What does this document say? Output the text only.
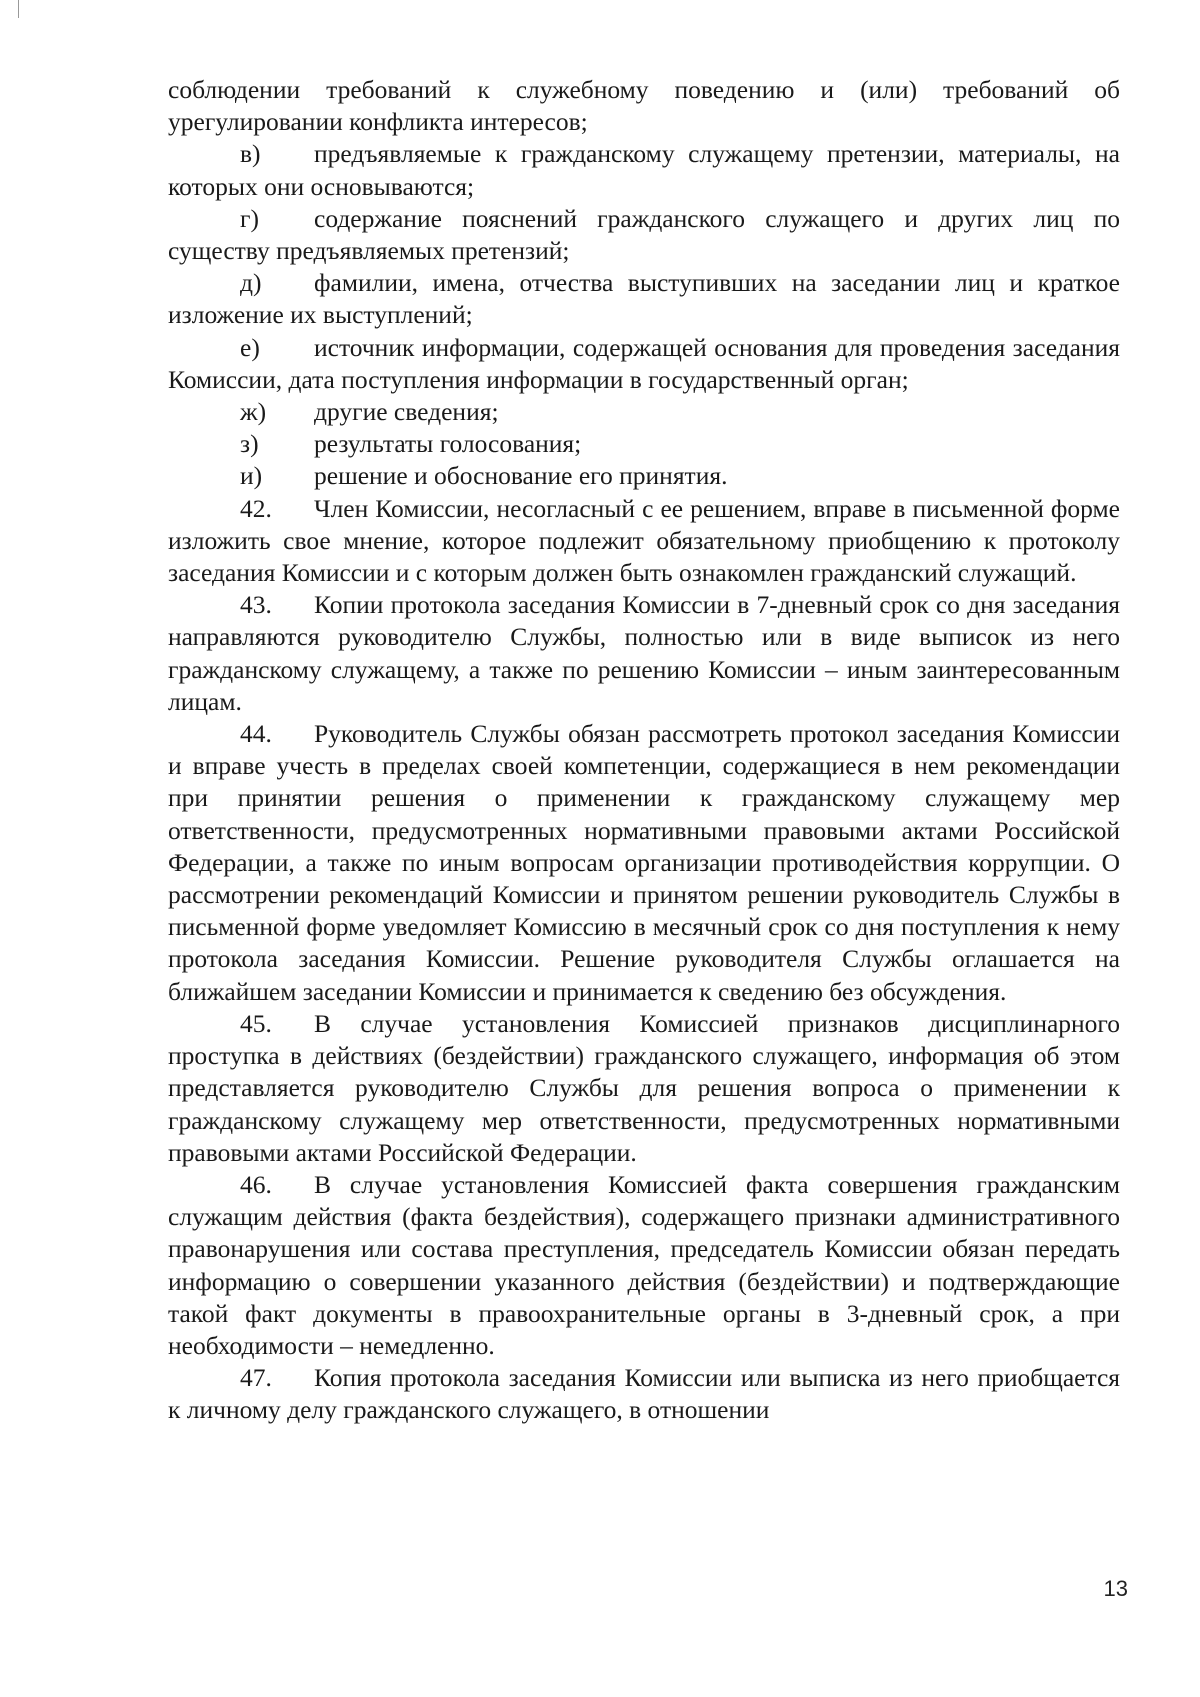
соблюдении требований к служебному поведению и (или) требований об урегулировании конфликта интересов;

в) предъявляемые к гражданскому служащему претензии, материалы, на которых они основываются;

г) содержание пояснений гражданского служащего и других лиц по существу предъявляемых претензий;

д) фамилии, имена, отчества выступивших на заседании лиц и краткое изложение их выступлений;

е) источник информации, содержащей основания для проведения заседания Комиссии, дата поступления информации в государственный орган;

ж) другие сведения;

з) результаты голосования;

и) решение и обоснование его принятия.

42. Член Комиссии, несогласный с ее решением, вправе в письменной форме изложить свое мнение, которое подлежит обязательному приобщению к протоколу заседания Комиссии и с которым должен быть ознакомлен гражданский служащий.

43. Копии протокола заседания Комиссии в 7-дневный срок со дня заседания направляются руководителю Службы, полностью или в виде выписок из него гражданскому служащему, а также по решению Комиссии – иным заинтересованным лицам.

44. Руководитель Службы обязан рассмотреть протокол заседания Комиссии и вправе учесть в пределах своей компетенции, содержащиеся в нем рекомендации при принятии решения о применении к гражданскому служащему мер ответственности, предусмотренных нормативными правовыми актами Российской Федерации, а также по иным вопросам организации противодействия коррупции. О рассмотрении рекомендаций Комиссии и принятом решении руководитель Службы в письменной форме уведомляет Комиссию в месячный срок со дня поступления к нему протокола заседания Комиссии. Решение руководителя Службы оглашается на ближайшем заседании Комиссии и принимается к сведению без обсуждения.

45. В случае установления Комиссией признаков дисциплинарного проступка в действиях (бездействии) гражданского служащего, информация об этом представляется руководителю Службы для решения вопроса о применении к гражданскому служащему мер ответственности, предусмотренных нормативными правовыми актами Российской Федерации.

46. В случае установления Комиссией факта совершения гражданским служащим действия (факта бездействия), содержащего признаки административного правонарушения или состава преступления, председатель Комиссии обязан передать информацию о совершении указанного действия (бездействии) и подтверждающие такой факт документы в правоохранительные органы в 3-дневный срок, а при необходимости – немедленно.

47. Копия протокола заседания Комиссии или выписка из него приобщается к личному делу гражданского служащего, в отношении

13
